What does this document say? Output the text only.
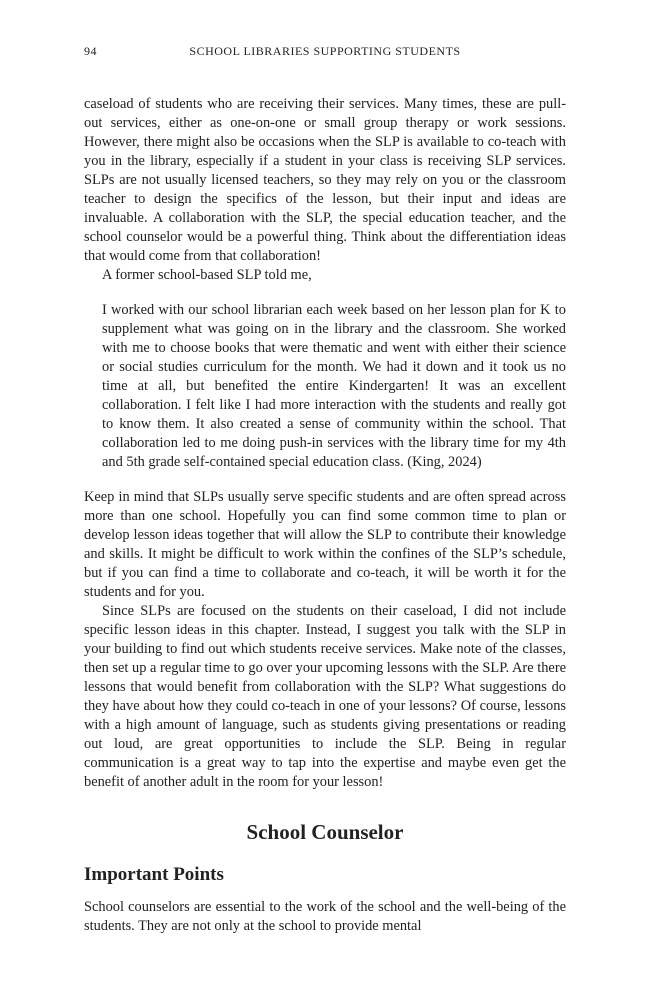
94	SCHOOL LIBRARIES SUPPORTING STUDENTS

caseload of students who are receiving their services. Many times, these are pull-out services, either as one-on-one or small group therapy or work sessions. However, there might also be occasions when the SLP is available to co-teach with you in the library, especially if a student in your class is receiving SLP services. SLPs are not usually licensed teachers, so they may rely on you or the classroom teacher to design the specifics of the lesson, but their input and ideas are invaluable. A collaboration with the SLP, the special education teacher, and the school counselor would be a powerful thing. Think about the differentiation ideas that would come from that collaboration!

A former school-based SLP told me,

I worked with our school librarian each week based on her lesson plan for K to supplement what was going on in the library and the classroom. She worked with me to choose books that were thematic and went with either their science or social studies curriculum for the month. We had it down and it took us no time at all, but benefited the entire Kindergarten! It was an excellent collaboration. I felt like I had more interaction with the students and really got to know them. It also created a sense of community within the school. That collaboration led to me doing push-in services with the library time for my 4th and 5th grade self-contained special education class. (King, 2024)

Keep in mind that SLPs usually serve specific students and are often spread across more than one school. Hopefully you can find some common time to plan or develop lesson ideas together that will allow the SLP to contribute their knowledge and skills. It might be difficult to work within the confines of the SLP’s schedule, but if you can find a time to collaborate and co-teach, it will be worth it for the students and for you.

Since SLPs are focused on the students on their caseload, I did not include specific lesson ideas in this chapter. Instead, I suggest you talk with the SLP in your building to find out which students receive services. Make note of the classes, then set up a regular time to go over your upcoming lessons with the SLP. Are there lessons that would benefit from collaboration with the SLP? What suggestions do they have about how they could co-teach in one of your lessons? Of course, lessons with a high amount of language, such as students giving presentations or reading out loud, are great opportunities to include the SLP. Being in regular communication is a great way to tap into the expertise and maybe even get the benefit of another adult in the room for your lesson!

School Counselor
Important Points

School counselors are essential to the work of the school and the well-being of the students. They are not only at the school to provide mental
